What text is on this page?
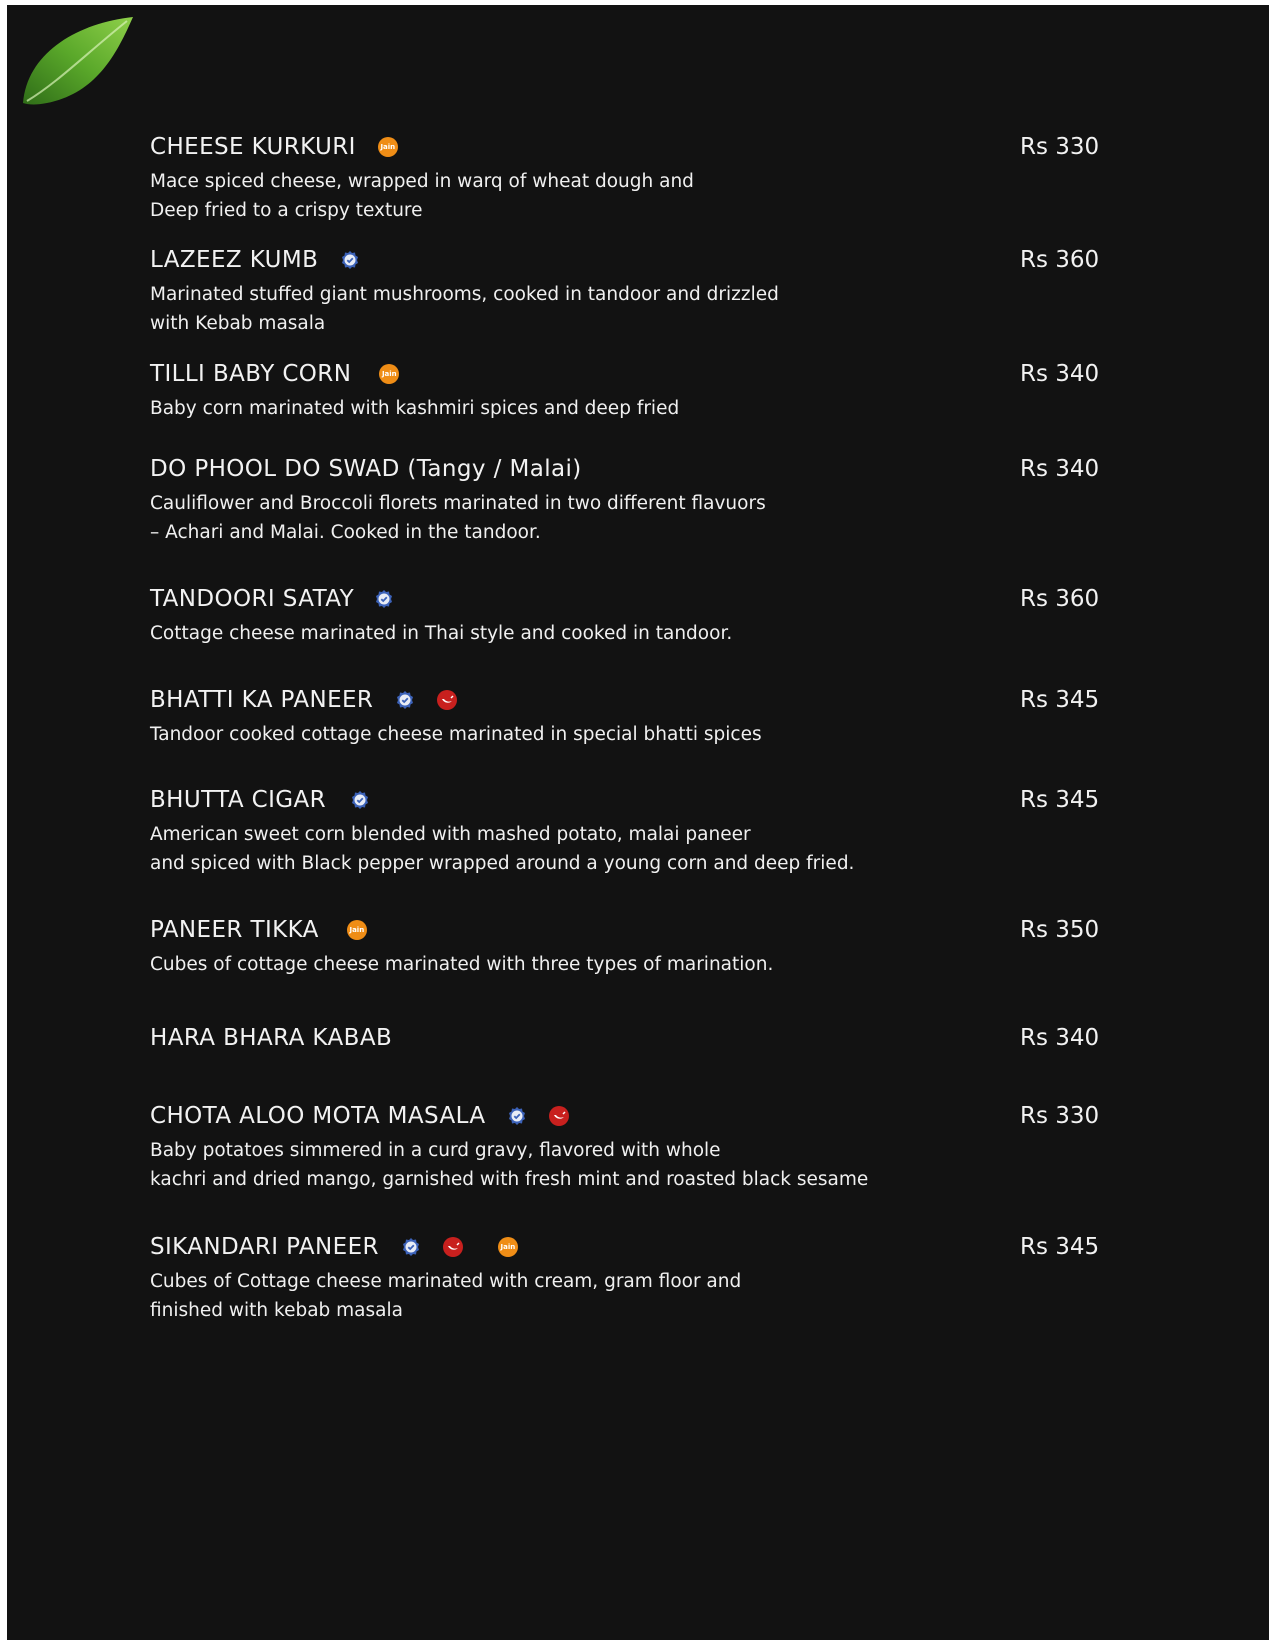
CHEESE KURKURI	Jain	Rs 330
Mace spiced cheese, wrapped in warq of wheat dough and
Deep fried to a crispy texture
LAZEEZ KUMB	Rs 360
Marinated stuffed giant mushrooms, cooked in tandoor and drizzled
with Kebab masala
TILLI BABY CORN	Jain	Rs 340
Baby corn marinated with kashmiri spices and deep fried
DO PHOOL DO SWAD (Tangy / Malai)	Rs 340
Cauliflower and Broccoli florets marinated in two different flavuors
– Achari and Malai. Cooked in the tandoor.
TANDOORI SATAY	Rs 360
Cottage cheese marinated in Thai style and cooked in tandoor.
BHATTI KA PANEER	Rs 345
Tandoor cooked cottage cheese marinated in special bhatti spices
BHUTTA CIGAR	Rs 345
American sweet corn blended with mashed potato, malai paneer
and spiced with Black pepper wrapped around a young corn and deep fried.
PANEER TIKKA	Jain	Rs 350
Cubes of cottage cheese marinated with three types of marination.
HARA BHARA KABAB	Rs 340
CHOTA ALOO MOTA MASALA	Rs 330
Baby potatoes simmered in a curd gravy, flavored with whole
kachri and dried mango, garnished with fresh mint and roasted black sesame
SIKANDARI PANEER	Jain	Rs 345
Cubes of Cottage cheese marinated with cream, gram floor and
finished with kebab masala
